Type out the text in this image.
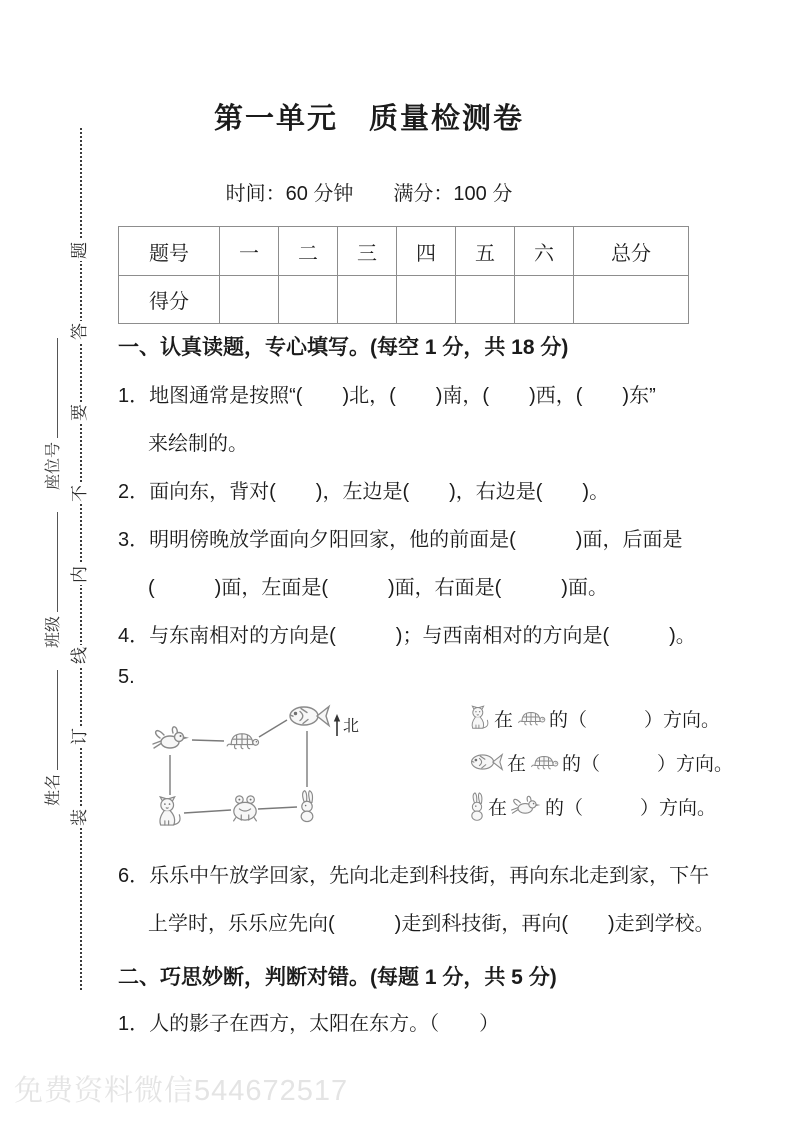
装订线内不要答题
姓名班级座位号
第一单元　质量检测卷
时间：60 分钟　　满分：100 分
题号	一	二	三	四	五	六	总分
得分							
一、认真读题，专心填写。(每空 1 分，共 18 分)
1．地图通常是按照“(　　)北，(　　)南，(　　)西，(　　)东”
来绘制的。
2．面向东，背对(　　)，左边是(　　)，右边是(　　)。
3．明明傍晚放学面向夕阳回家，他的前面是(　　　)面，后面是
(　　　)面，左面是(　　　)面，右面是(　　　)面。
4．与东南相对的方向是(　　　)；与西南相对的方向是(　　　)。
5.
北	在 的（　　　）方向。
在 的（　　　）方向。
在 的（　　　）方向。
6．乐乐中午放学回家，先向北走到科技街，再向东北走到家，下午
上学时，乐乐应先向(　　　)走到科技街，再向(　　)走到学校。
二、巧思妙断，判断对错。(每题 1 分，共 5 分)
1．人的影子在西方，太阳在东方。（　　）
免费资料微信544672517
